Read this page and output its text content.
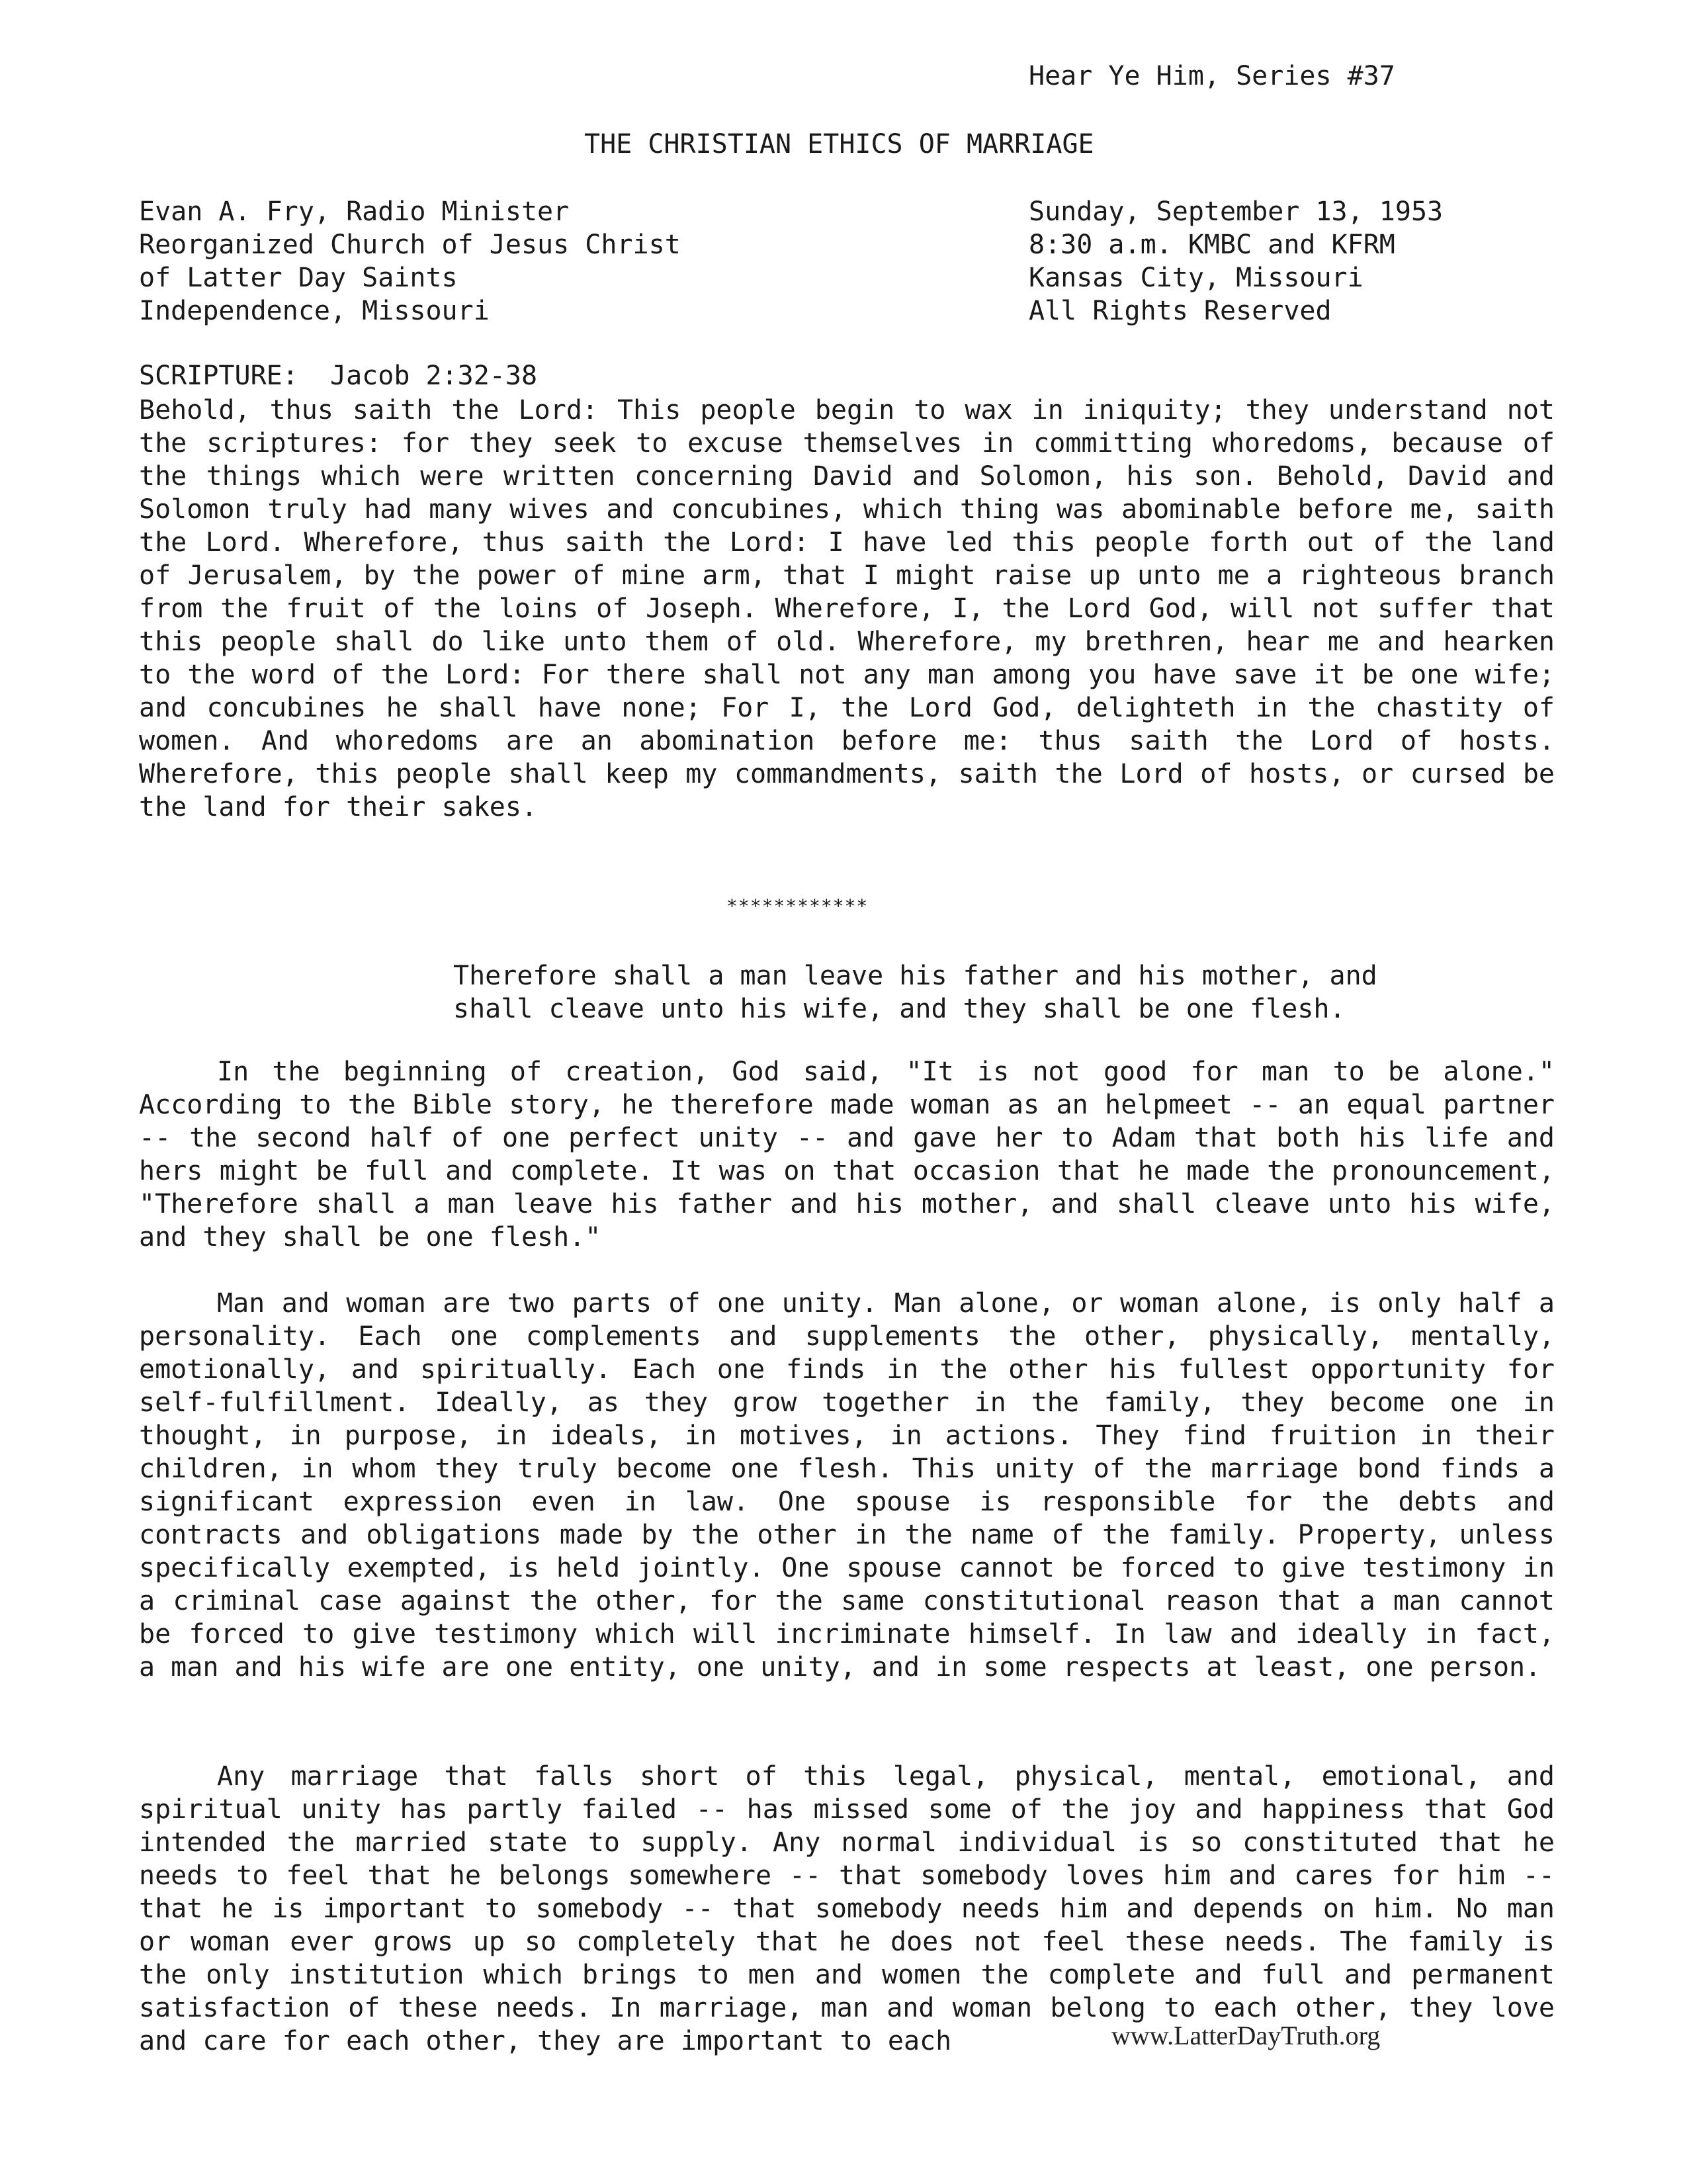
Hear Ye Him, Series #37
THE CHRISTIAN ETHICS OF MARRIAGE
Evan A. Fry, Radio Minister
Reorganized Church of Jesus Christ
of Latter Day Saints
Independence, Missouri
Sunday, September 13, 1953
8:30 a.m. KMBC and KFRM
Kansas City, Missouri
All Rights Reserved
SCRIPTURE:  Jacob 2:32-38
Behold, thus saith the Lord: This people begin to wax in iniquity; they understand not the scriptures: for they seek to excuse themselves in committing whoredoms, because of the things which were written concerning David and Solomon, his son. Behold, David and Solomon truly had many wives and concubines, which thing was abominable before me, saith the Lord. Wherefore, thus saith the Lord: I have led this people forth out of the land of Jerusalem, by the power of mine arm, that I might raise up unto me a righteous branch from the fruit of the loins of Joseph. Wherefore, I, the Lord God, will not suffer that this people shall do like unto them of old. Wherefore, my brethren, hear me and hearken to the word of the Lord: For there shall not any man among you have save it be one wife; and concubines he shall have none; For I, the Lord God, delighteth in the chastity of women. And whoredoms are an abomination before me: thus saith the Lord of hosts. Wherefore, this people shall keep my commandments, saith the Lord of hosts, or cursed be the land for their sakes.
************
Therefore shall a man leave his father and his mother, and
shall cleave unto his wife, and they shall be one flesh.
In the beginning of creation, God said, "It is not good for man to be alone." According to the Bible story, he therefore made woman as an helpmeet -- an equal partner -- the second half of one perfect unity -- and gave her to Adam that both his life and hers might be full and complete. It was on that occasion that he made the pronouncement, "Therefore shall a man leave his father and his mother, and shall cleave unto his wife, and they shall be one flesh."
Man and woman are two parts of one unity. Man alone, or woman alone, is only half a personality. Each one complements and supplements the other, physically, mentally, emotionally, and spiritually. Each one finds in the other his fullest opportunity for self-fulfillment. Ideally, as they grow together in the family, they become one in thought, in purpose, in ideals, in motives, in actions. They find fruition in their children, in whom they truly become one flesh. This unity of the marriage bond finds a significant expression even in law. One spouse is responsible for the debts and contracts and obligations made by the other in the name of the family. Property, unless specifically exempted, is held jointly. One spouse cannot be forced to give testimony in a criminal case against the other, for the same constitutional reason that a man cannot be forced to give testimony which will incriminate himself. In law and ideally in fact, a man and his wife are one entity, one unity, and in some respects at least, one person.
Any marriage that falls short of this legal, physical, mental, emotional, and spiritual unity has partly failed -- has missed some of the joy and happiness that God intended the married state to supply. Any normal individual is so constituted that he needs to feel that he belongs somewhere -- that somebody loves him and cares for him -- that he is important to somebody -- that somebody needs him and depends on him. No man or woman ever grows up so completely that he does not feel these needs. The family is the only institution which brings to men and women the complete and full and permanent satisfaction of these needs. In marriage, man and woman belong to each other, they love and care for each other, they are important to each	www.LatterDayTruth.org
